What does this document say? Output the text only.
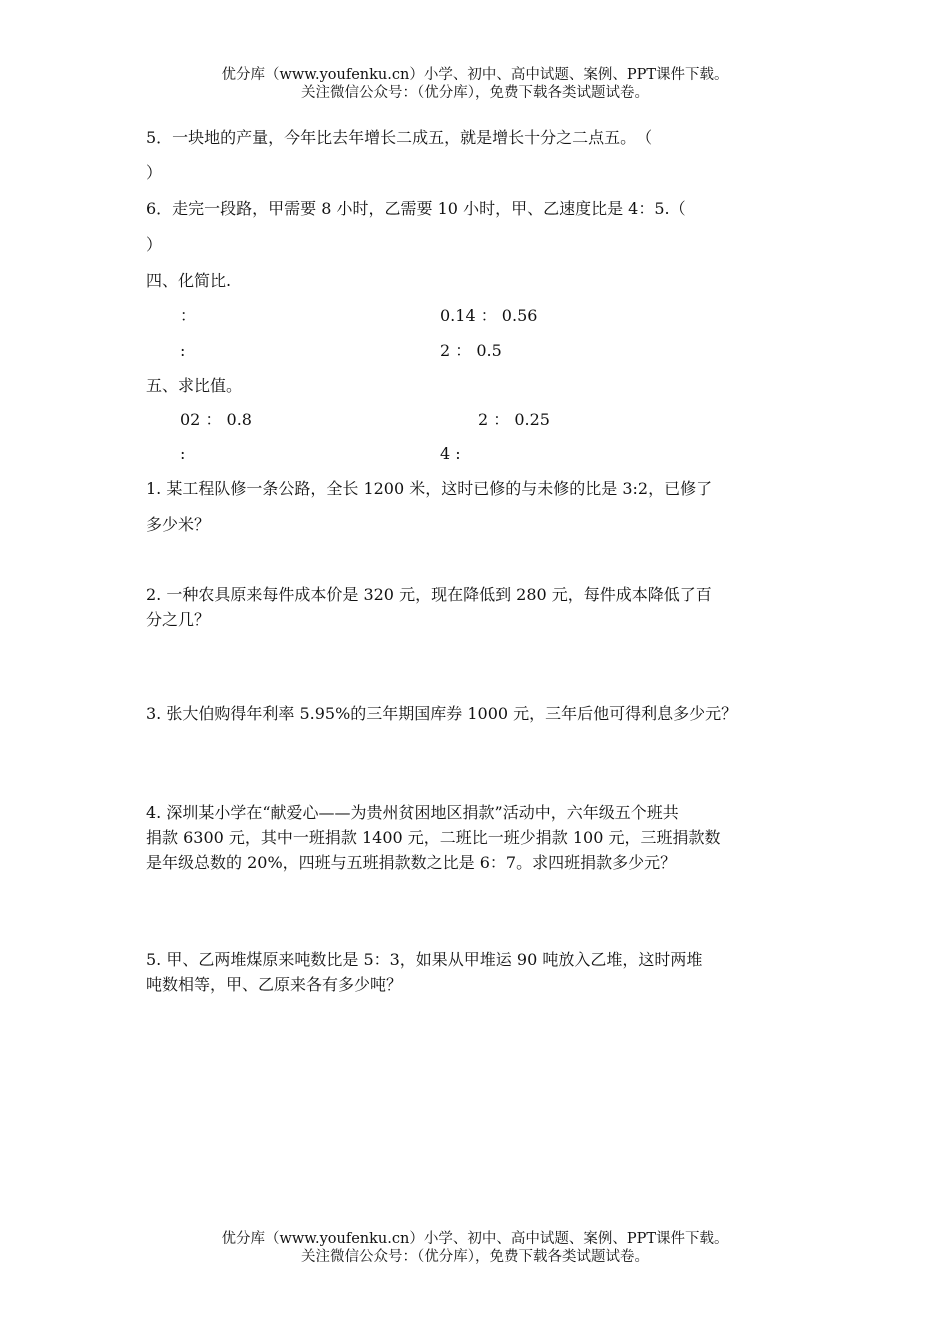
优分库（www.youfenku.cn）小学、初中、高中试题、案例、PPT课件下载。
关注微信公众号：（优分库），免费下载各类试题试卷。
5．一块地的产量，今年比去年增长二成五，就是增长十分之二点五。　（
）
6．走完一段路，甲需要 8 小时，乙需要 10 小时，甲、乙速度比是 4：5.（
）
四、化简比.
：	0.14 ： 0.56
:	2 ： 0.5
五、求比值。
02 ： 0.8	2 ： 0.25
:	4 :
1. 某工程队修一条公路，全长 1200 米，这时已修的与未修的比是 3:2，已修了
多少米？
2. 一种农具原来每件成本价是 320 元，现在降低到 280 元，每件成本降低了百
分之几？
3. 张大伯购得年利率 5.95%的三年期国库券 1000 元，三年后他可得利息多少元？
4. 深圳某小学在“献爱心——为贵州贫困地区捐款”活动中，六年级五个班共
捐款 6300 元，其中一班捐款 1400 元，二班比一班少捐款 100 元，三班捐款数
是年级总数的 20%，四班与五班捐款数之比是 6：7。求四班捐款多少元？
5. 甲、乙两堆煤原来吨数比是 5：3，如果从甲堆运 90 吨放入乙堆，这时两堆
吨数相等，甲、乙原来各有多少吨？
优分库（www.youfenku.cn）小学、初中、高中试题、案例、PPT课件下载。
关注微信公众号：（优分库），免费下载各类试题试卷。
